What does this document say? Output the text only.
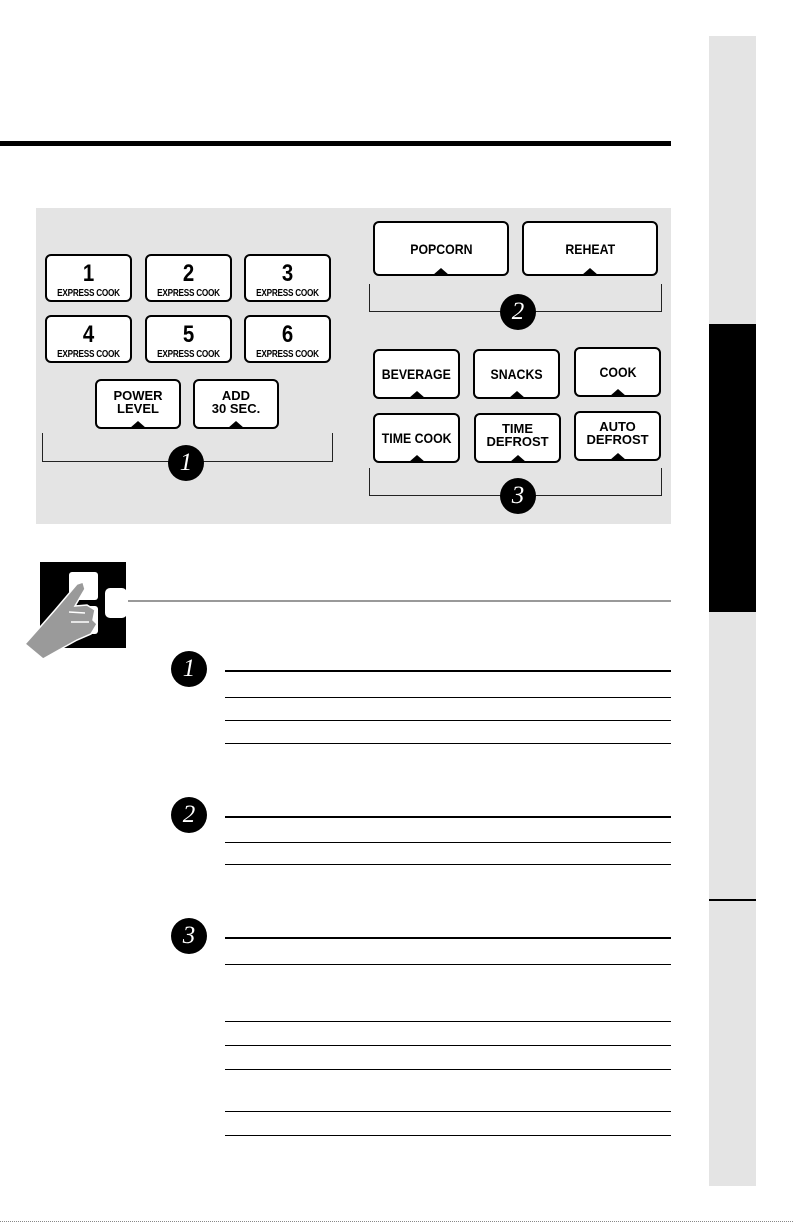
1
EXPRESS COOK
2
EXPRESS COOK
3
EXPRESS COOK
4
EXPRESS COOK
5
EXPRESS COOK
6
EXPRESS COOK
POWER
LEVEL
ADD
30 SEC.
1
POPCORN	REHEAT
2
BEVERAGE	SNACKS	COOK
TIME COOK
TIME
DEFROST
AUTO
DEFROST
3
1
2
3
